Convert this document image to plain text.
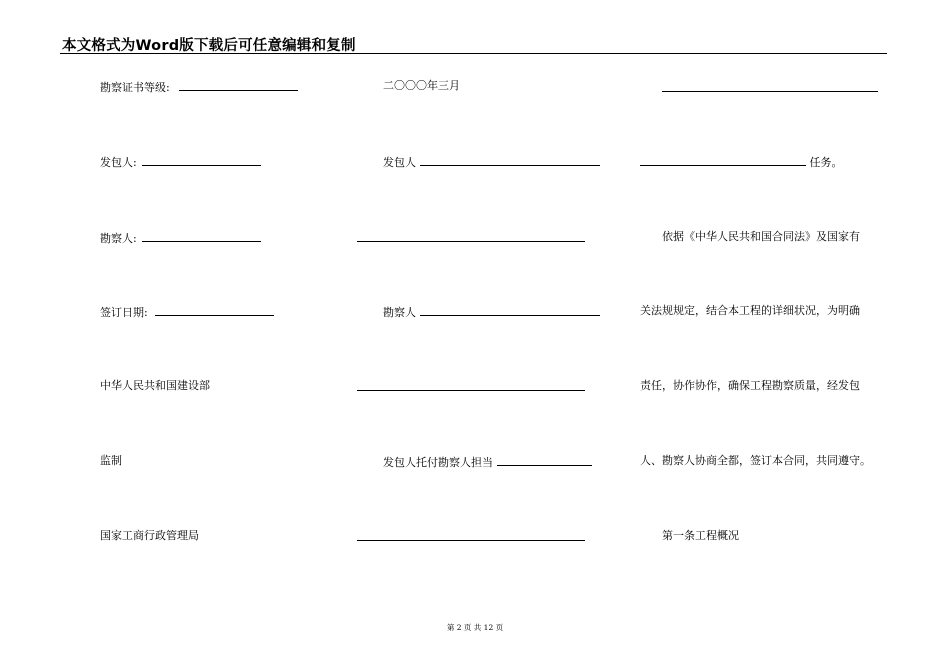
本文格式为Word版下载后可任意编辑和复制
勘察证书等级:
发包人:
勘察人:
签订日期:
中华人民共和国建设部
监制
国家工商行政管理局
二〇〇〇年三月
发包人
勘察人
发包人托付勘察人担当
任务。
依据《中华人民共和国合同法》及国家有
关法规规定，结合本工程的详细状况，为明确
责任，协作协作，确保工程勘察质量，经发包
人、勘察人协商全都，签订本合同，共同遵守。
第一条工程概况
第 2 页 共 12 页
